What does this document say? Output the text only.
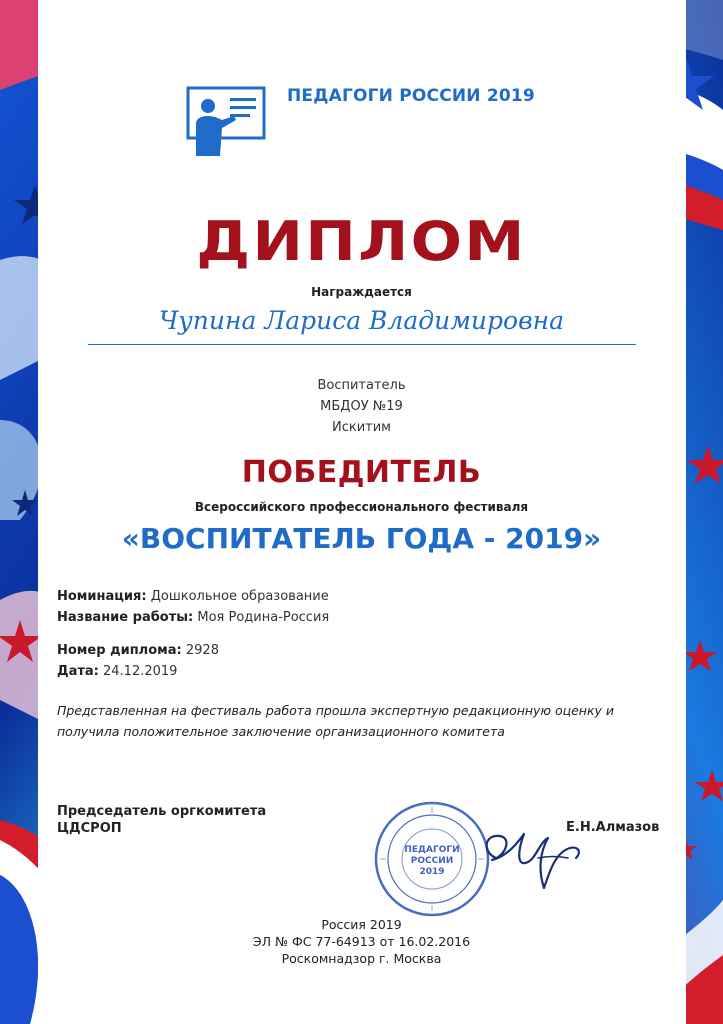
ПЕДАГОГИ РОССИИ 2019
ДИПЛОМ
Награждается
Чупина Лариса Владимировна
Воспитатель
МБДОУ №19
Искитим
ПОБЕДИТЕЛЬ
Всероссийского профессионального фестиваля
«ВОСПИТАТЕЛЬ ГОДА - 2019»
Номинация: Дошкольное образование
Название работы: Моя Родина-Россия
Номер диплома: 2928
Дата: 24.12.2019
Представленная на фестиваль работа прошла экспертную редакционную оценку и получила положительное заключение организационного комитета
Председатель оргкомитета
ЦДСРОП
ПЕДАГОГИ
РОССИИ
2019
Е.Н.Алмазов
Россия 2019
ЭЛ № ФС 77-64913 от 16.02.2016
Роскомнадзор г. Москва
